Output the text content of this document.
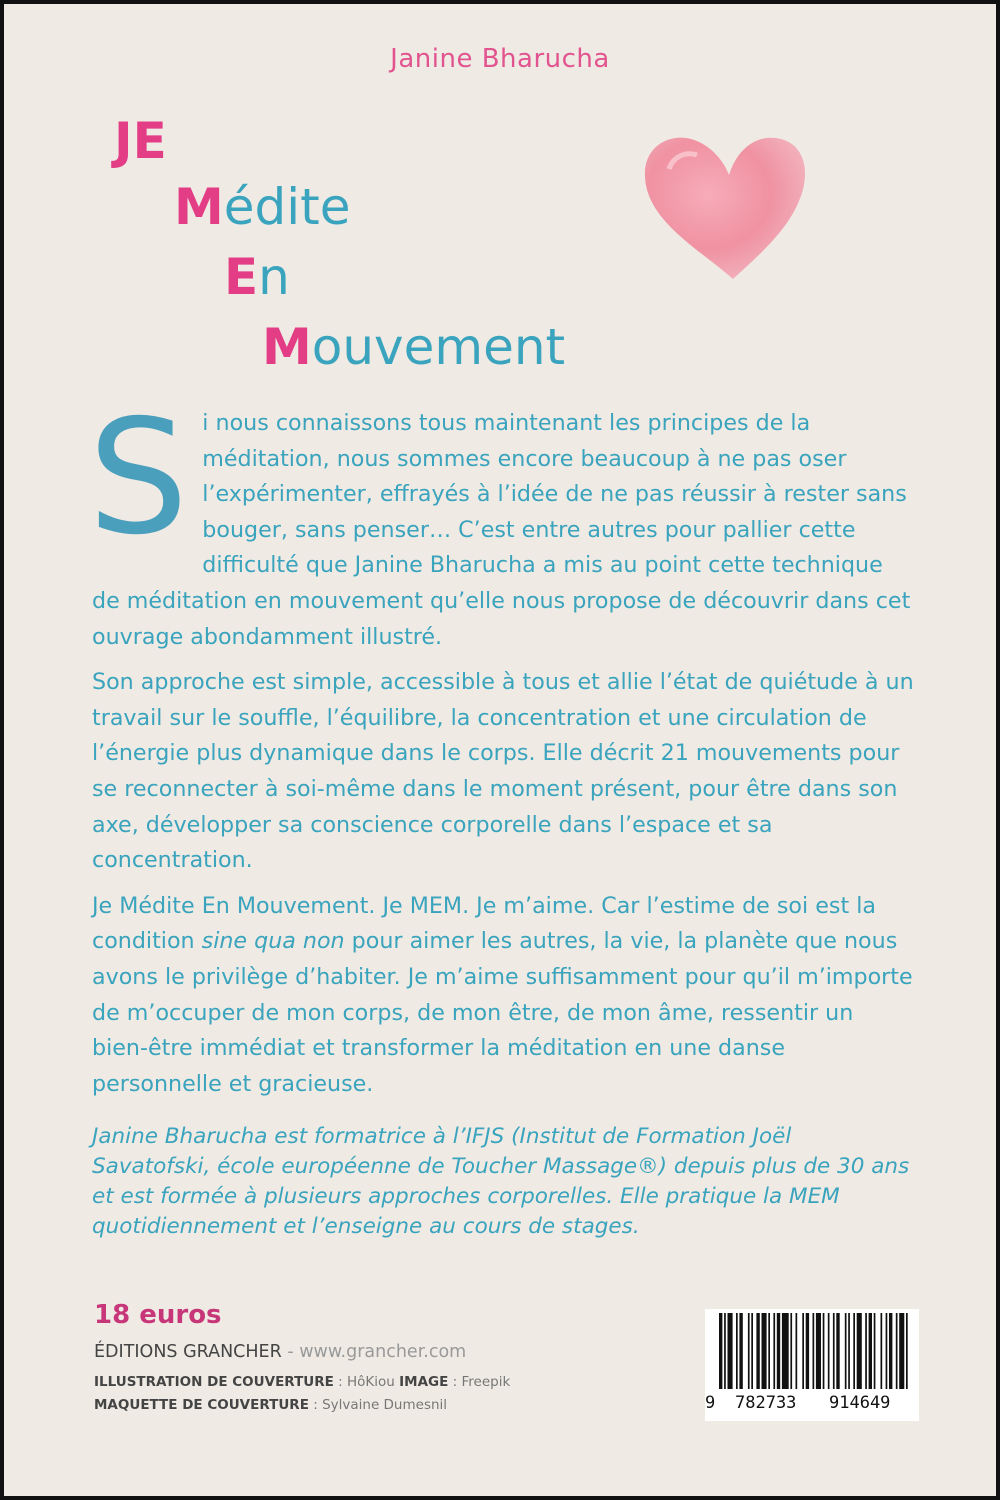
Janine Bharucha
JE
Médite
En
Mouvement

Si nous connaissons tous maintenant les principes de la méditation, nous sommes encore beaucoup à ne pas oser l’expérimenter, effrayés à l’idée de ne pas réussir à rester sans bouger, sans penser… C’est entre autres pour pallier cette difficulté que Janine Bharucha a mis au point cette technique de méditation en mouvement qu’elle nous propose de découvrir dans cet ouvrage abondamment illustré.

Son approche est simple, accessible à tous et allie l’état de quiétude à un travail sur le souffle, l’équilibre, la concentration et une circulation de l’énergie plus dynamique dans le corps. Elle décrit 21 mouvements pour se reconnecter à soi-même dans le moment présent, pour être dans son axe, développer sa conscience corporelle dans l’espace et sa concentration.

Je Médite En Mouvement. Je MEM. Je m’aime. Car l’estime de soi est la condition sine qua non pour aimer les autres, la vie, la planète que nous avons le privilège d’habiter. Je m’aime suffisamment pour qu’il m’importe de m’occuper de mon corps, de mon être, de mon âme, ressentir un bien-être immédiat et transformer la méditation en une danse personnelle et gracieuse.

Janine Bharucha est formatrice à l’IFJS (Institut de Formation Joël Savatofski, école européenne de Toucher Massage®) depuis plus de 30 ans et est formée à plusieurs approches corporelles. Elle pratique la MEM quotidiennement et l’enseigne au cours de stages.
18 euros
ÉDITIONS GRANCHER - www.grancher.com
ILLUSTRATION DE COUVERTURE : HôKiou IMAGE : Freepik
MAQUETTE DE COUVERTURE : Sylvaine Dumesnil	9 782733 914649
